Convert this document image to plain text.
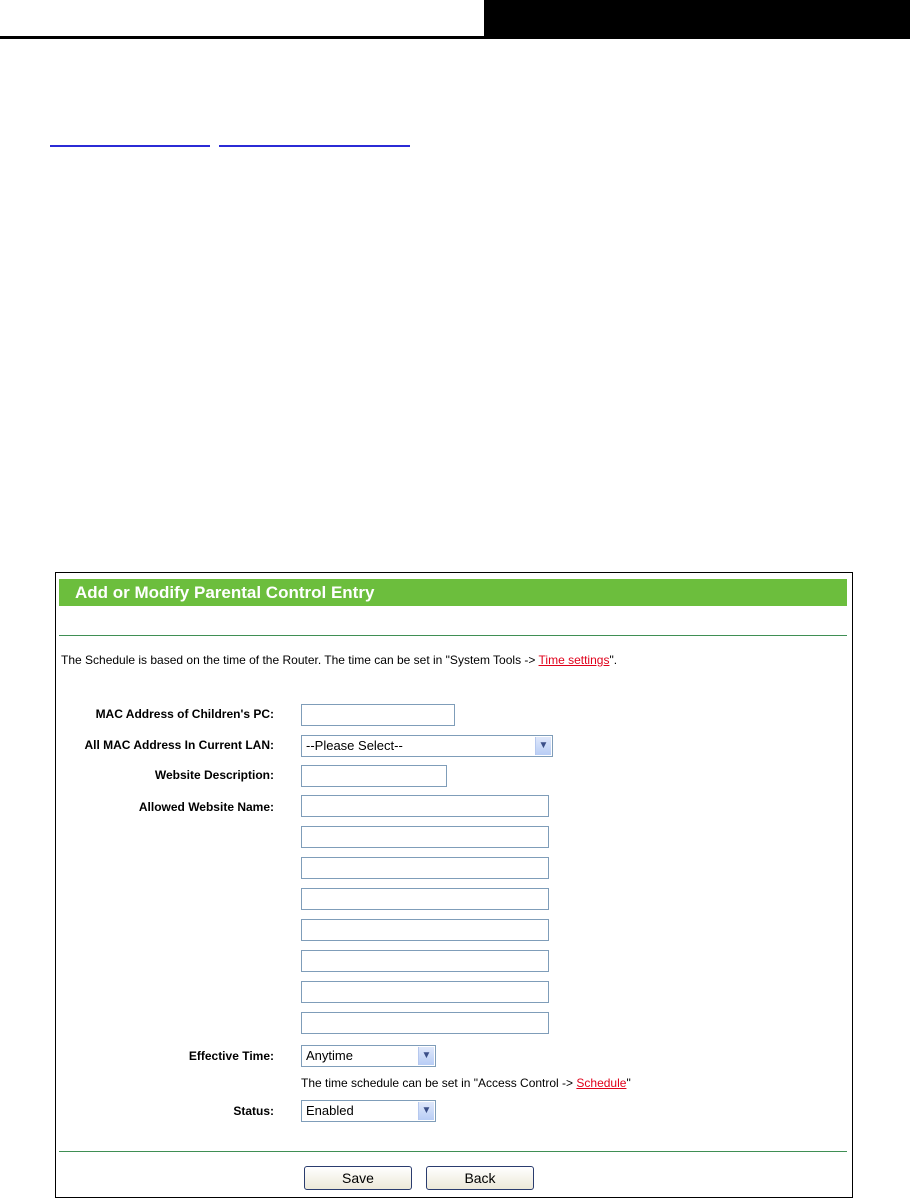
Add or Modify Parental Control Entry
The Schedule is based on the time of the Router. The time can be set in "System Tools -> Time settings".
MAC Address of Children's PC:
All MAC Address In Current LAN:	--Please Select--	▼
Website Description:
Allowed Website Name:
Effective Time:	Anytime	▼
The time schedule can be set in "Access Control -> Schedule"
Status:	Enabled	▼
Save	Back
